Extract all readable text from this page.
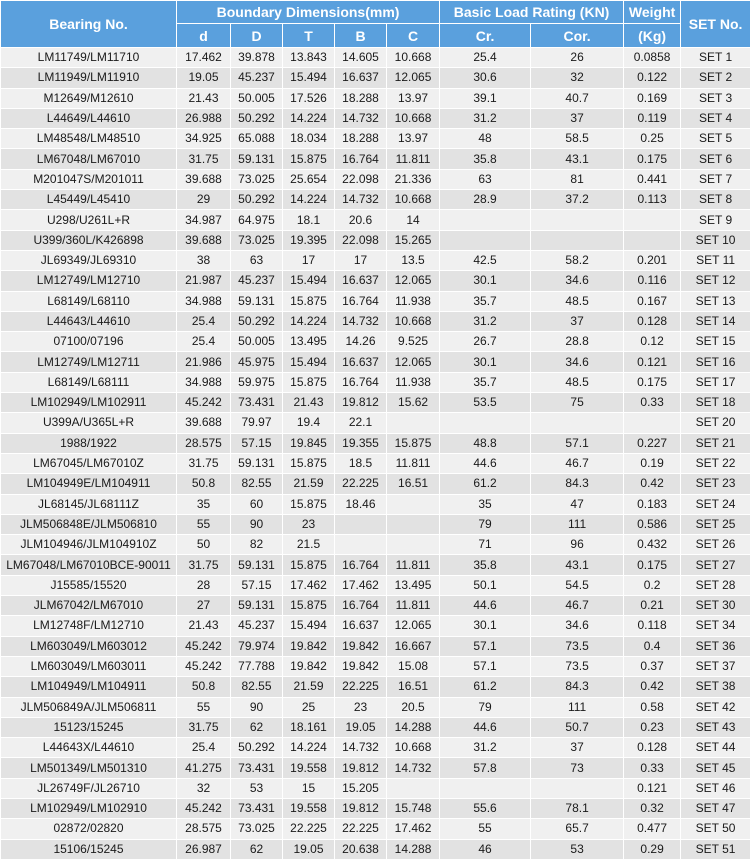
Bearing No.	Boundary Dimensions(mm)					Basic Load Rating (KN)		Weight	SET No.
	d	D	T	B	C	Cr.	Cor.	(Kg)	
LM11749/LM11710	17.462	39.878	13.843	14.605	10.668	25.4	26	0.0858	SET 1
LM11949/LM11910	19.05	45.237	15.494	16.637	12.065	30.6	32	0.122	SET 2
M12649/M12610	21.43	50.005	17.526	18.288	13.97	39.1	40.7	0.169	SET 3
L44649/L44610	26.988	50.292	14.224	14.732	10.668	31.2	37	0.119	SET 4
LM48548/LM48510	34.925	65.088	18.034	18.288	13.97	48	58.5	0.25	SET 5
LM67048/LM67010	31.75	59.131	15.875	16.764	11.811	35.8	43.1	0.175	SET 6
M201047S/M201011	39.688	73.025	25.654	22.098	21.336	63	81	0.441	SET 7
L45449/L45410	29	50.292	14.224	14.732	10.668	28.9	37.2	0.113	SET 8
U298/U261L+R	34.987	64.975	18.1	20.6	14				SET 9
U399/360L/K426898	39.688	73.025	19.395	22.098	15.265				SET 10
JL69349/JL69310	38	63	17	17	13.5	42.5	58.2	0.201	SET 11
LM12749/LM12710	21.987	45.237	15.494	16.637	12.065	30.1	34.6	0.116	SET 12
L68149/L68110	34.988	59.131	15.875	16.764	11.938	35.7	48.5	0.167	SET 13
L44643/L44610	25.4	50.292	14.224	14.732	10.668	31.2	37	0.128	SET 14
07100/07196	25.4	50.005	13.495	14.26	9.525	26.7	28.8	0.12	SET 15
LM12749/LM12711	21.986	45.975	15.494	16.637	12.065	30.1	34.6	0.121	SET 16
L68149/L68111	34.988	59.975	15.875	16.764	11.938	35.7	48.5	0.175	SET 17
LM102949/LM102911	45.242	73.431	21.43	19.812	15.62	53.5	75	0.33	SET 18
U399A/U365L+R	39.688	79.97	19.4	22.1					SET 20
1988/1922	28.575	57.15	19.845	19.355	15.875	48.8	57.1	0.227	SET 21
LM67045/LM67010Z	31.75	59.131	15.875	18.5	11.811	44.6	46.7	0.19	SET 22
LM104949E/LM104911	50.8	82.55	21.59	22.225	16.51	61.2	84.3	0.42	SET 23
JL68145/JL68111Z	35	60	15.875	18.46		35	47	0.183	SET 24
JLM506848E/JLM506810	55	90	23			79	111	0.586	SET 25
JLM104946/JLM104910Z	50	82	21.5			71	96	0.432	SET 26
LM67048/LM67010BCE-90011	31.75	59.131	15.875	16.764	11.811	35.8	43.1	0.175	SET 27
J15585/15520	28	57.15	17.462	17.462	13.495	50.1	54.5	0.2	SET 28
JLM67042/LM67010	27	59.131	15.875	16.764	11.811	44.6	46.7	0.21	SET 30
LM12748F/LM12710	21.43	45.237	15.494	16.637	12.065	30.1	34.6	0.118	SET 34
LM603049/LM603012	45.242	79.974	19.842	19.842	16.667	57.1	73.5	0.4	SET 36
LM603049/LM603011	45.242	77.788	19.842	19.842	15.08	57.1	73.5	0.37	SET 37
LM104949/LM104911	50.8	82.55	21.59	22.225	16.51	61.2	84.3	0.42	SET 38
JLM506849A/JLM506811	55	90	25	23	20.5	79	111	0.58	SET 42
15123/15245	31.75	62	18.161	19.05	14.288	44.6	50.7	0.23	SET 43
L44643X/L44610	25.4	50.292	14.224	14.732	10.668	31.2	37	0.128	SET 44
LM501349/LM501310	41.275	73.431	19.558	19.812	14.732	57.8	73	0.33	SET 45
JL26749F/JL26710	32	53	15	15.205				0.121	SET 46
LM102949/LM102910	45.242	73.431	19.558	19.812	15.748	55.6	78.1	0.32	SET 47
02872/02820	28.575	73.025	22.225	22.225	17.462	55	65.7	0.477	SET 50
15106/15245	26.987	62	19.05	20.638	14.288	46	53	0.29	SET 51
